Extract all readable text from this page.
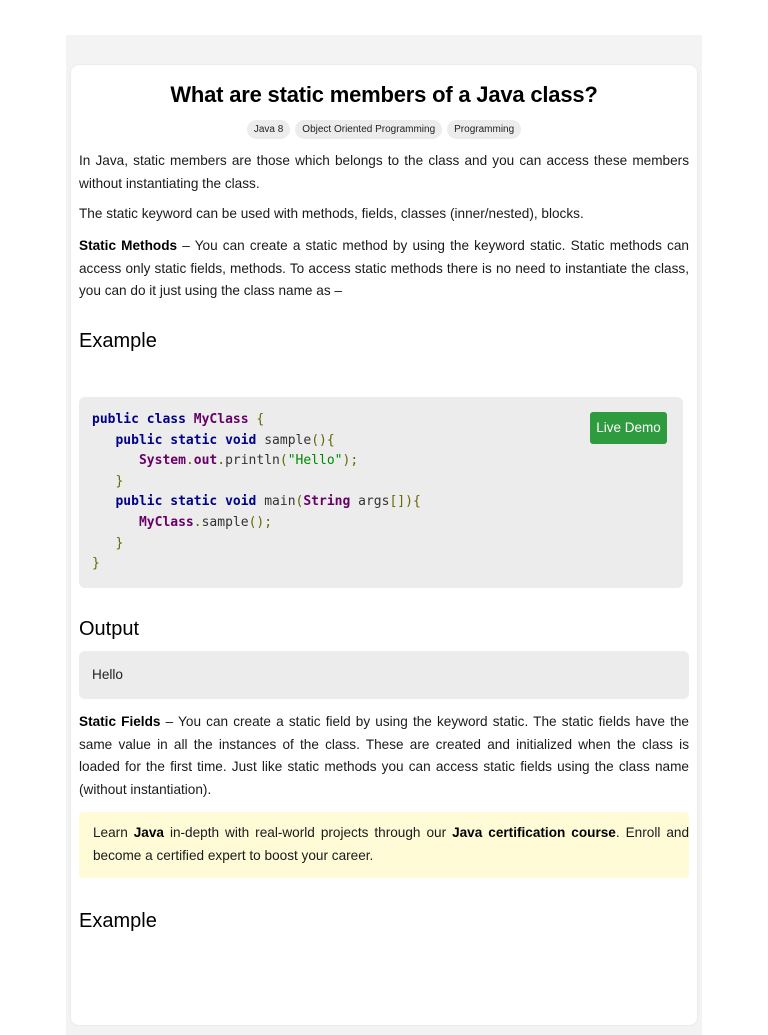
What are static members of a Java class?
Java 8	Object Oriented Programming	Programming

In Java, static members are those which belongs to the class and you can access these members without instantiating the class.

The static keyword can be used with methods, fields, classes (inner/nested), blocks.

Static Methods – You can create a static method by using the keyword static. Static methods can access only static fields, methods. To access static methods there is no need to instantiate the class, you can do it just using the class name as –

Example
public class MyClass {
public static void sample(){
System.out.println("Hello");
}
public static void main(String args[]){
MyClass.sample();
}
}
Live Demo
Output
Hello

Static Fields – You can create a static field by using the keyword static. The static fields have the same value in all the instances of the class. These are created and initialized when the class is loaded for the first time. Just like static methods you can access static fields using the class name (without instantiation).

Learn Java in-depth with real-world projects through our Java certification course. Enroll and become a certified expert to boost your career.

Example
